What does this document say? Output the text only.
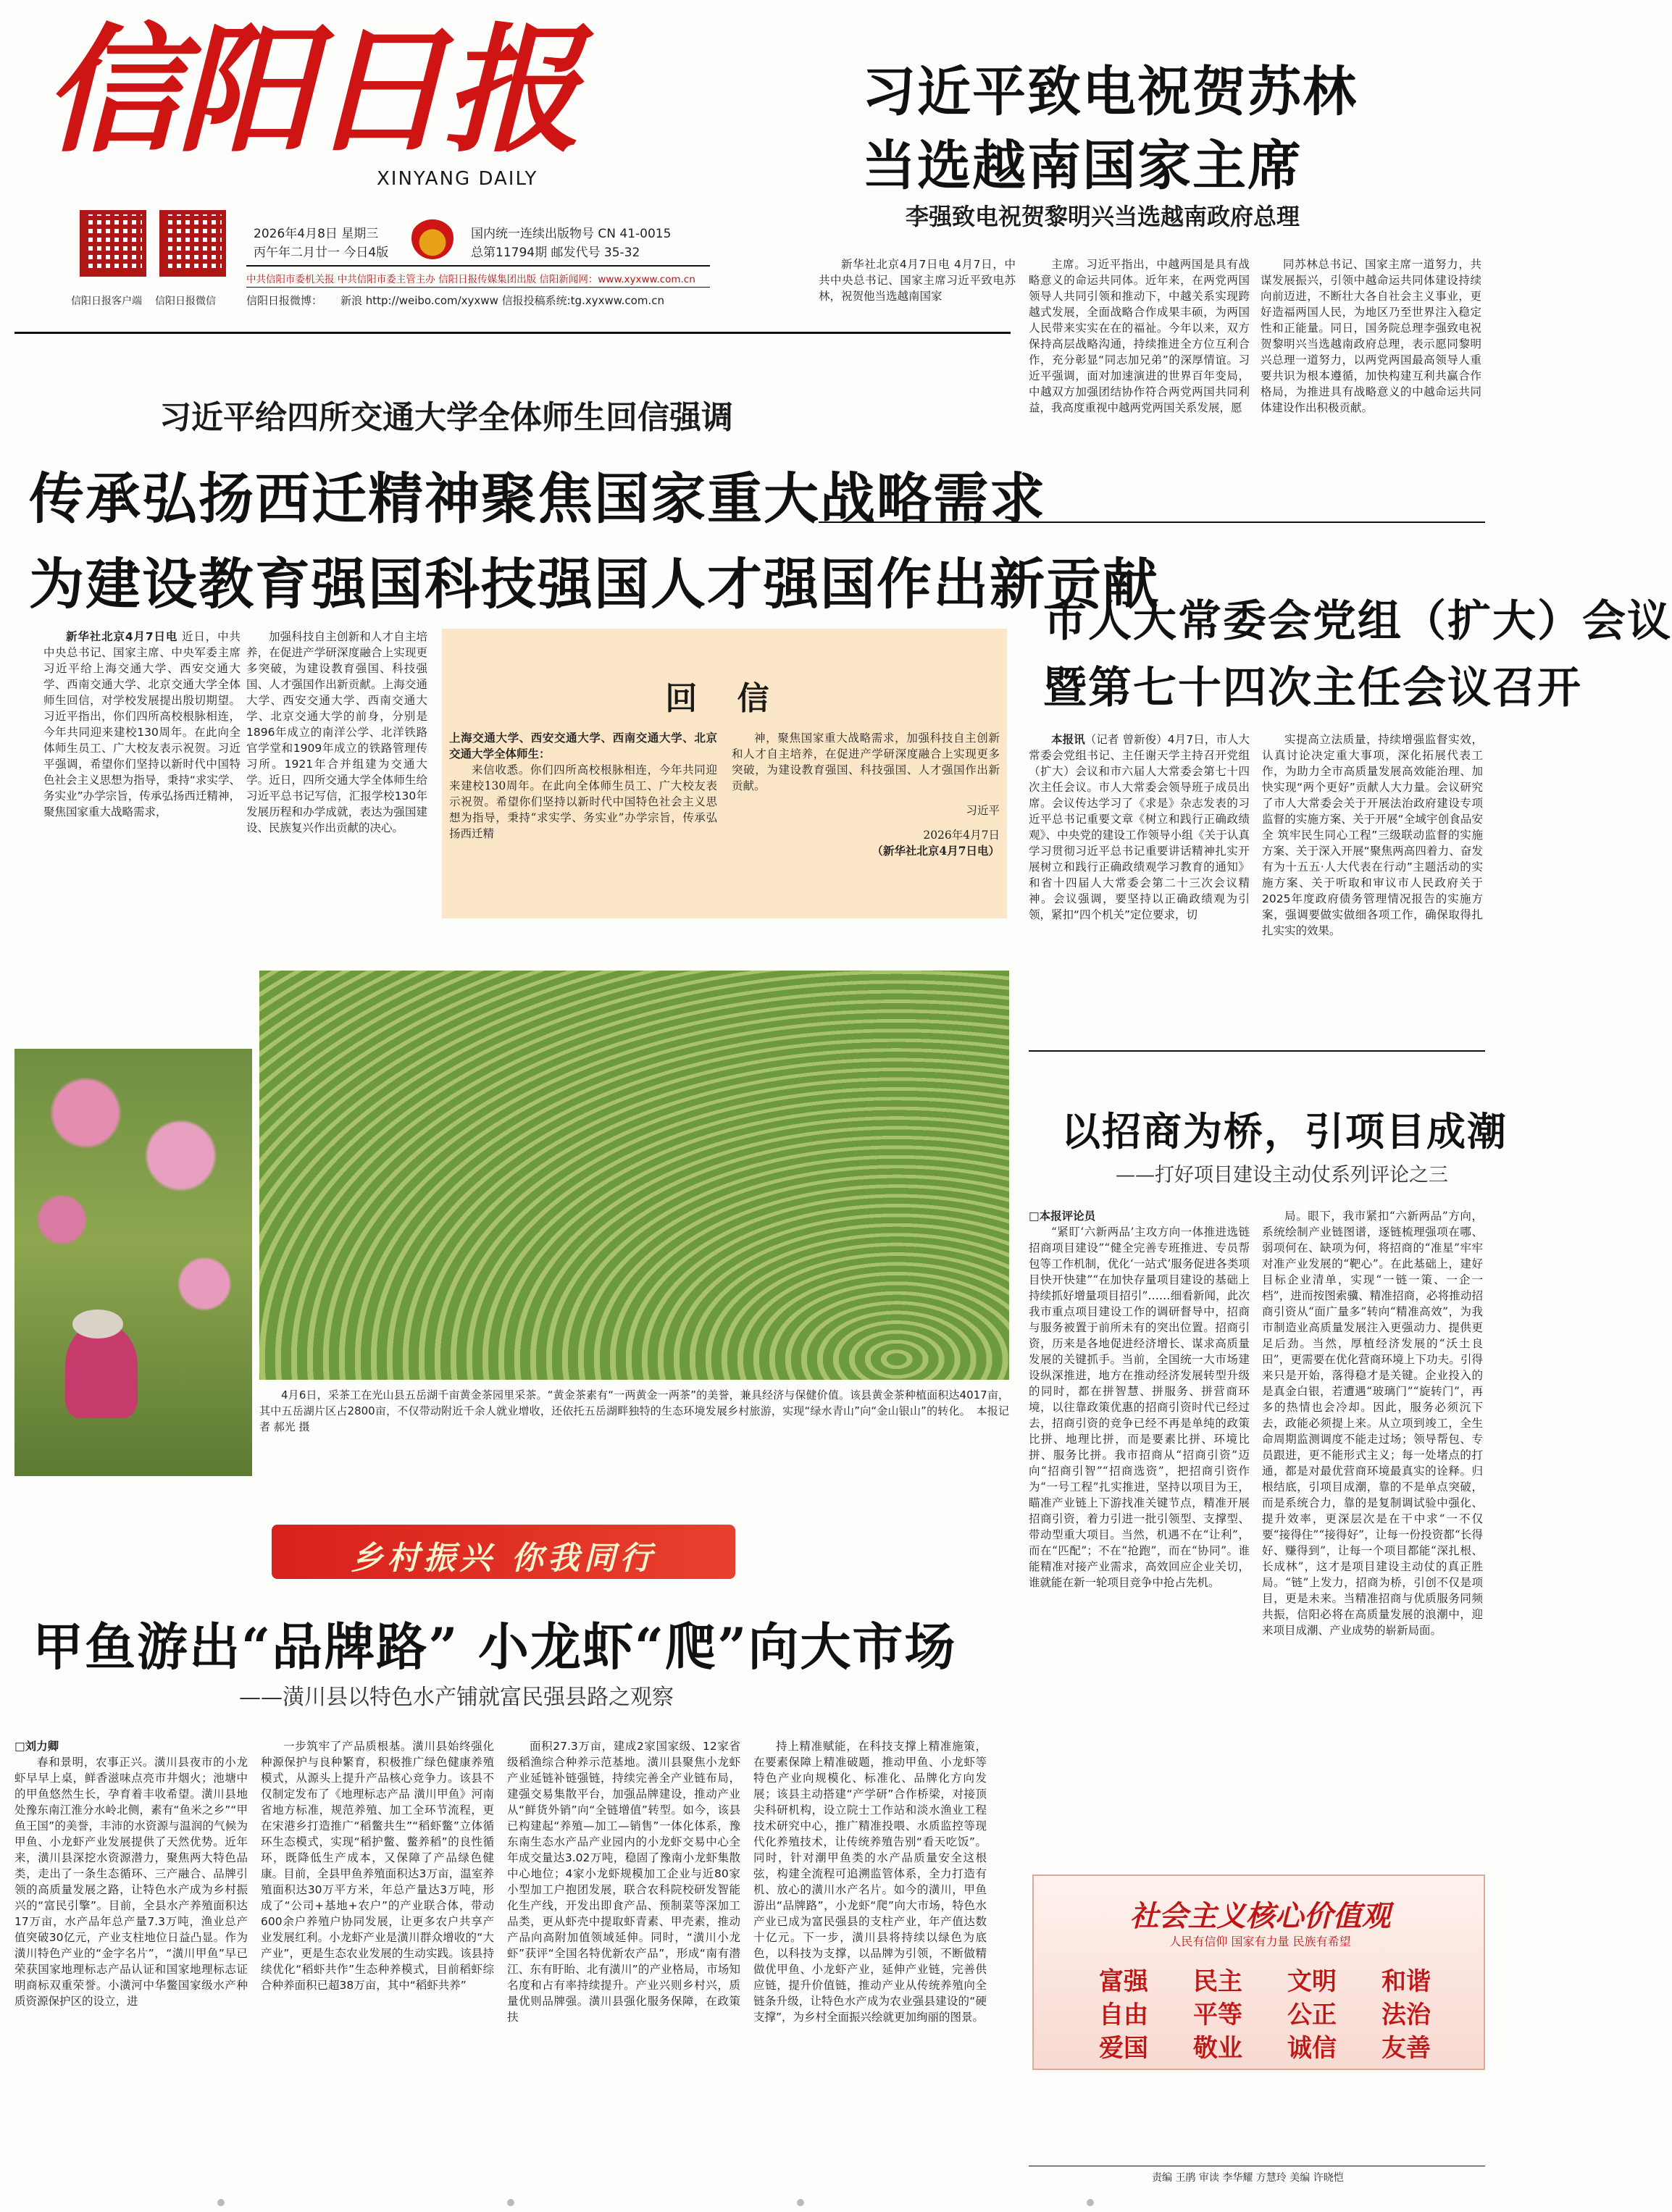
信阳日报
XINYANG DAILY
信阳日报客户端 信阳日报微信
2026年4月8日 星期三
丙午年二月廿一 今日4版
国内统一连续出版物号 CN 41-0015
总第11794期 邮发代号 35-32
中共信阳市委机关报 中共信阳市委主管主办 信阳日报传媒集团出版 信阳新闻网：www.xyxww.com.cn
信阳日报微博： 新浪 http://weibo.com/xyxww 信报投稿系统:tg.xyxww.com.cn
习近平致电祝贺苏林
当选越南国家主席
李强致电祝贺黎明兴当选越南政府总理

新华社北京4月7日电 4月7日，中共中央总书记、国家主席习近平致电苏林，祝贺他当选越南国家

主席。习近平指出，中越两国是具有战略意义的命运共同体。近年来，在两党两国领导人共同引领和推动下，中越关系实现跨越式发展，全面战略合作成果丰硕，为两国人民带来实实在在的福祉。今年以来，双方保持高层战略沟通，持续推进全方位互利合作，充分彰显“同志加兄弟”的深厚情谊。习近平强调，面对加速演进的世界百年变局，中越双方加强团结协作符合两党两国共同利益，我高度重视中越两党两国关系发展，愿

同苏林总书记、国家主席一道努力，共谋发展振兴，引领中越命运共同体建设持续向前迈进，不断壮大各自社会主义事业，更好造福两国人民，为地区乃至世界注入稳定性和正能量。同日，国务院总理李强致电祝贺黎明兴当选越南政府总理，表示愿同黎明兴总理一道努力，以两党两国最高领导人重要共识为根本遵循，加快构建互利共赢合作格局，为推进具有战略意义的中越命运共同体建设作出积极贡献。

习近平给四所交通大学全体师生回信强调
传承弘扬西迁精神聚焦国家重大战略需求
为建设教育强国科技强国人才强国作出新贡献

新华社北京4月7日电 近日，中共中央总书记、国家主席、中央军委主席习近平给上海交通大学、西安交通大学、西南交通大学、北京交通大学全体师生回信，对学校发展提出殷切期望。习近平指出，你们四所高校根脉相连，今年共同迎来建校130周年。在此向全体师生员工、广大校友表示祝贺。习近平强调，希望你们坚持以新时代中国特色社会主义思想为指导，秉持“求实学、务实业”办学宗旨，传承弘扬西迁精神，聚焦国家重大战略需求，

加强科技自主创新和人才自主培养，在促进产学研深度融合上实现更多突破，为建设教育强国、科技强国、人才强国作出新贡献。上海交通大学、西安交通大学、西南交通大学、北京交通大学的前身，分别是1896年成立的南洋公学、北洋铁路官学堂和1909年成立的铁路管理传习所。1921年合并组建为交通大学。近日，四所交通大学全体师生给习近平总书记写信，汇报学校130年发展历程和办学成就，表达为强国建设、民族复兴作出贡献的决心。

回 信

上海交通大学、西安交通大学、西南交通大学、北京交通大学全体师生：

来信收悉。你们四所高校根脉相连，今年共同迎来建校130周年。在此向全体师生员工、广大校友表示祝贺。希望你们坚持以新时代中国特色社会主义思想为指导，秉持“求实学、务实业”办学宗旨，传承弘扬西迁精

神，聚焦国家重大战略需求，加强科技自主创新和人才自主培养，在促进产学研深度融合上实现更多突破，为建设教育强国、科技强国、人才强国作出新贡献。

习近平

2026年4月7日

（新华社北京4月7日电）

4月6日，采茶工在光山县五岳湖千亩黄金茶园里采茶。“黄金茶素有“一两黄金一两茶”的美誉，兼具经济与保健价值。该县黄金茶种植面积达4017亩，其中五岳湖片区占2800亩，不仅带动附近千余人就业增收，还依托五岳湖畔独特的生态环境发展乡村旅游，实现“绿水青山”向“金山银山”的转化。　 本报记者 郝光 摄

乡村振兴 你我同行
甲鱼游出“品牌路” 小龙虾“爬”向大市场
——潢川县以特色水产铺就富民强县路之观察

□刘力卿

春和景明，农事正兴。潢川县夜市的小龙虾早早上桌，鲜香滋味点亮市井烟火；池塘中的甲鱼悠然生长，孕育着丰收希望。潢川县地处豫东南江淮分水岭北侧，素有“鱼米之乡”“甲鱼王国”的美誉，丰沛的水资源与温润的气候为甲鱼、小龙虾产业发展提供了天然优势。近年来，潢川县深挖水资源潜力，聚焦两大特色品类，走出了一条生态循环、三产融合、品牌引领的高质量发展之路，让特色水产成为乡村振兴的“富民引擎”。目前，全县水产养殖面积达17万亩，水产品年总产量7.3万吨，渔业总产值突破30亿元，产业支柱地位日益凸显。作为潢川特色产业的“金字名片”，“潢川甲鱼”早已荣获国家地理标志产品认证和国家地理标志证明商标双重荣誉。小潢河中华鳖国家级水产种质资源保护区的设立，进

一步筑牢了产品质根基。潢川县始终强化种源保护与良种繁育，积极推广绿色健康养殖模式，从源头上提升产品核心竞争力。该县不仅制定发布了《地理标志产品 潢川甲鱼》河南省地方标准，规范养殖、加工全环节流程，更在宋港乡打造推广“稻鳖共生”“稻虾鳖”立体循环生态模式，实现“稻护鳖、鳖养稻”的良性循环，既降低生产成本，又保障了产品绿色健康。目前，全县甲鱼养殖面积达3万亩，温室养殖面积达30万平方米，年总产量达3万吨，形成了“公司+基地+农户”的产业联合体，带动600余户养殖户协同发展，让更多农户共享产业发展红利。小龙虾产业是潢川群众增收的“大产业”，更是生态农业发展的生动实践。该县持续优化“稻虾共作”生态种养模式，目前稻虾综合种养面积已超38万亩，其中“稻虾共养”

面积27.3万亩，建成2家国家级、12家省级稻渔综合种养示范基地。潢川县聚焦小龙虾产业延链补链强链，持续完善全产业链布局，建强交易集散平台，加强品牌建设，推动产业从“鲜货外销”向“全链增值”转型。如今，该县已构建起“养殖—加工—销售”一体化体系，豫东南生态水产品产业园内的小龙虾交易中心全年成交量达3.02万吨，稳固了豫南小龙虾集散中心地位；4家小龙虾规模加工企业与近80家小型加工户抱团发展，联合农科院校研发智能化生产线，开发出即食产品、预制菜等深加工品类，更从虾壳中提取虾青素、甲壳素，推动产品向高附加值领域延伸。同时，“潢川小龙虾”获评“全国名特优新农产品”，形成“南有潜江、东有盱眙、北有潢川”的产业格局，市场知名度和占有率持续提升。产业兴则乡村兴，质量优则品牌强。潢川县强化服务保障，在政策扶

持上精准赋能，在科技支撑上精准施策，在要素保障上精准破题，推动甲鱼、小龙虾等特色产业向规模化、标准化、品牌化方向发展；该县主动搭建“产学研”合作桥梁，对接顶尖科研机构，设立院士工作站和淡水渔业工程技术研究中心，推广精准投喂、水质监控等现代化养殖技术，让传统养殖告别“看天吃饭”。同时，针对潮甲鱼类的水产品质量安全这根弦，构建全流程可追溯监管体系，全力打造有机、放心的潢川水产名片。如今的潢川，甲鱼游出“品牌路”，小龙虾“爬”向大市场，特色水产业已成为富民强县的支柱产业，年产值达数十亿元。下一步，潢川县将持续以绿色为底色，以科技为支撑，以品牌为引领，不断做精做优甲鱼、小龙虾产业，延伸产业链，完善供应链，提升价值链，推动产业从传统养殖向全链条升级，让特色水产成为农业强县建设的“硬支撑”，为乡村全面振兴绘就更加绚丽的图景。

市人大常委会党组（扩大）会议
暨第七十四次主任会议召开

本报讯（记者 曾新俊）4月7日，市人大常委会党组书记、主任谢天学主持召开党组（扩大）会议和市六届人大常委会第七十四次主任会议。市人大常委会领导班子成员出席。会议传达学习了《求是》杂志发表的习近平总书记重要文章《树立和践行正确政绩观》、中央党的建设工作领导小组《关于认真学习贯彻习近平总书记重要讲话精神扎实开展树立和践行正确政绩观学习教育的通知》和省十四届人大常委会第二十三次会议精神。会议强调，要坚持以正确政绩观为引领，紧扣“四个机关”定位要求，切

实提高立法质量，持续增强监督实效，认真讨论决定重大事项，深化拓展代表工作，为助力全市高质量发展高效能治理、加快实现“两个更好”贡献人大力量。会议研究了市人大常委会关于开展法治政府建设专项监督的实施方案、关于开展“全域宇创食品安全 筑牢民生同心工程”三级联动监督的实施方案、关于深入开展“聚焦两高四着力、奋发有为十五五·人大代表在行动”主题活动的实施方案、关于听取和审议市人民政府关于2025年度政府债务管理情况报告的实施方案，强调要做实做细各项工作，确保取得扎扎实实的效果。

以招商为桥，引项目成潮
——打好项目建设主动仗系列评论之三

□本报评论员

“紧盯‘六新两品’主攻方向一体推进选链招商项目建设”“健全完善专班推进、专员帮包等工作机制，优化‘一站式’服务促进各类项目快开快建”“在加快存量项目建设的基础上持续抓好增量项目招引”……细看新闻，此次我市重点项目建设工作的调研督导中，招商与服务被置于前所未有的突出位置。招商引资，历来是各地促进经济增长、谋求高质量发展的关键抓手。当前，全国统一大市场建设纵深推进，地方在推动经济发展转型升级的同时，都在拼智慧、拼服务、拼营商环境，以往靠政策优惠的招商引资时代已经过去，招商引资的竞争已经不再是单纯的政策比拼、地理比拼，而是要素比拼、环境比拼、服务比拼。我市招商从“招商引资”迈向“招商引智”“招商选资”，把招商引资作为“一号工程”扎实推进，坚持以项目为王，瞄准产业链上下游找准关键节点，精准开展招商引资，着力引进一批引领型、支撑型、带动型重大项目。当然，机遇不在“让利”，而在“匹配”；不在“抢跑”，而在“协同”。谁能精准对接产业需求，高效回应企业关切，谁就能在新一轮项目竞争中抢占先机。

局。眼下，我市紧扣“六新两品”方向，系统绘制产业链图谱，逐链梳理强项在哪、弱项何在、缺项为何，将招商的“准星”牢牢对准产业发展的“靶心”。在此基础上，建好目标企业清单，实现“一链一策、一企一档”，进而按图索骥、精准招商，必将推动招商引资从“面广量多”转向“精准高效”，为我市制造业高质量发展注入更强动力、提供更足后劲。当然，厚植经济发展的“沃土良田”，更需要在优化营商环境上下功夫。引得来只是开始，落得稳才是关键。企业投入的是真金白银，若遭遇“玻璃门”“旋转门”，再多的热情也会冷却。因此，服务必须沉下去，政能必须提上来。从立项到竣工，全生命周期监测调度不能走过场；领导帮包、专员跟进，更不能形式主义；每一处堵点的打通，都是对最优营商环境最真实的诠释。归根结底，引项目成潮，靠的不是单点突破，而是系统合力，靠的是复制调试验中强化、提升效率，更深层次是在干中求“一不仅要“接得住”“接得好”，让每一份投资都“长得好、赚得到”，让每一个项目都能“深扎根、长成林”，这才是项目建设主动仗的真正胜局。“链”上发力，招商为桥，引创不仅是项目，更是未来。当精准招商与优质服务同频共振，信阳必将在高质量发展的浪潮中，迎来项目成潮、产业成势的崭新局面。

社会主义核心价值观
人民有信仰 国家有力量 民族有希望
富强 民主 文明 和谐
自由 平等 公正 法治
爱国 敬业 诚信 友善
责编 王鹃 审读 李华耀 方慧玲 美编 许晓恺
